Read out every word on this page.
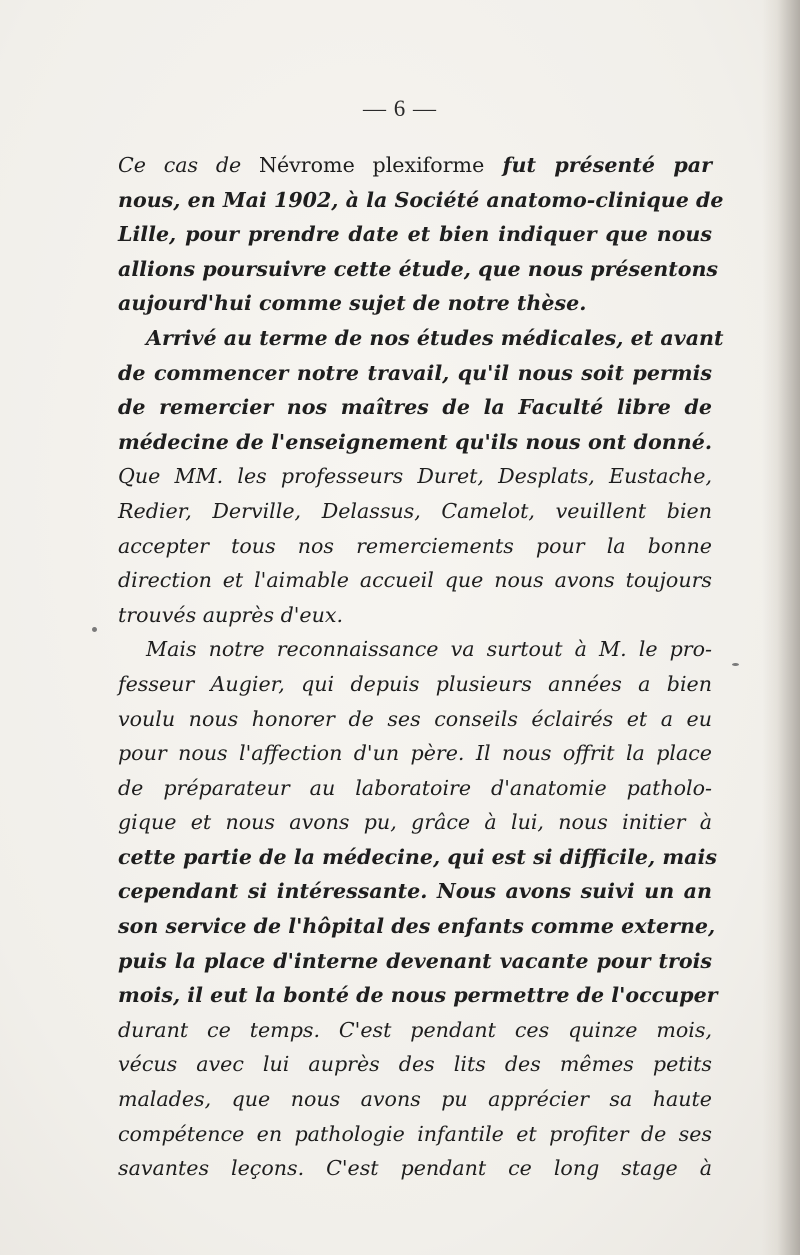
— 6 —
Ce cas de Névrome plexiforme fut présenté par
nous, en Mai 1902, à la Société anatomo-clinique de
Lille, pour prendre date et bien indiquer que nous
allions poursuivre cette étude, que nous présentons
aujourd'hui comme sujet de notre thèse.
Arrivé au terme de nos études médicales, et avant
de commencer notre travail, qu'il nous soit permis
de remercier nos maîtres de la Faculté libre de
médecine de l'enseignement qu'ils nous ont donné.
Que MM. les professeurs Duret, Desplats, Eustache,
Redier, Derville, Delassus, Camelot, veuillent bien
accepter tous nos remerciements pour la bonne
direction et l'aimable accueil que nous avons toujours
trouvés auprès d'eux.
Mais notre reconnaissance va surtout à M. le pro-
fesseur Augier, qui depuis plusieurs années a bien
voulu nous honorer de ses conseils éclairés et a eu
pour nous l'affection d'un père. Il nous offrit la place
de préparateur au laboratoire d'anatomie patholo-
gique et nous avons pu, grâce à lui, nous initier à
cette partie de la médecine, qui est si difficile, mais
cependant si intéressante. Nous avons suivi un an
son service de l'hôpital des enfants comme externe,
puis la place d'interne devenant vacante pour trois
mois, il eut la bonté de nous permettre de l'occuper
durant ce temps. C'est pendant ces quinze mois,
vécus avec lui auprès des lits des mêmes petits
malades, que nous avons pu apprécier sa haute
compétence en pathologie infantile et profiter de ses
savantes leçons. C'est pendant ce long stage à
